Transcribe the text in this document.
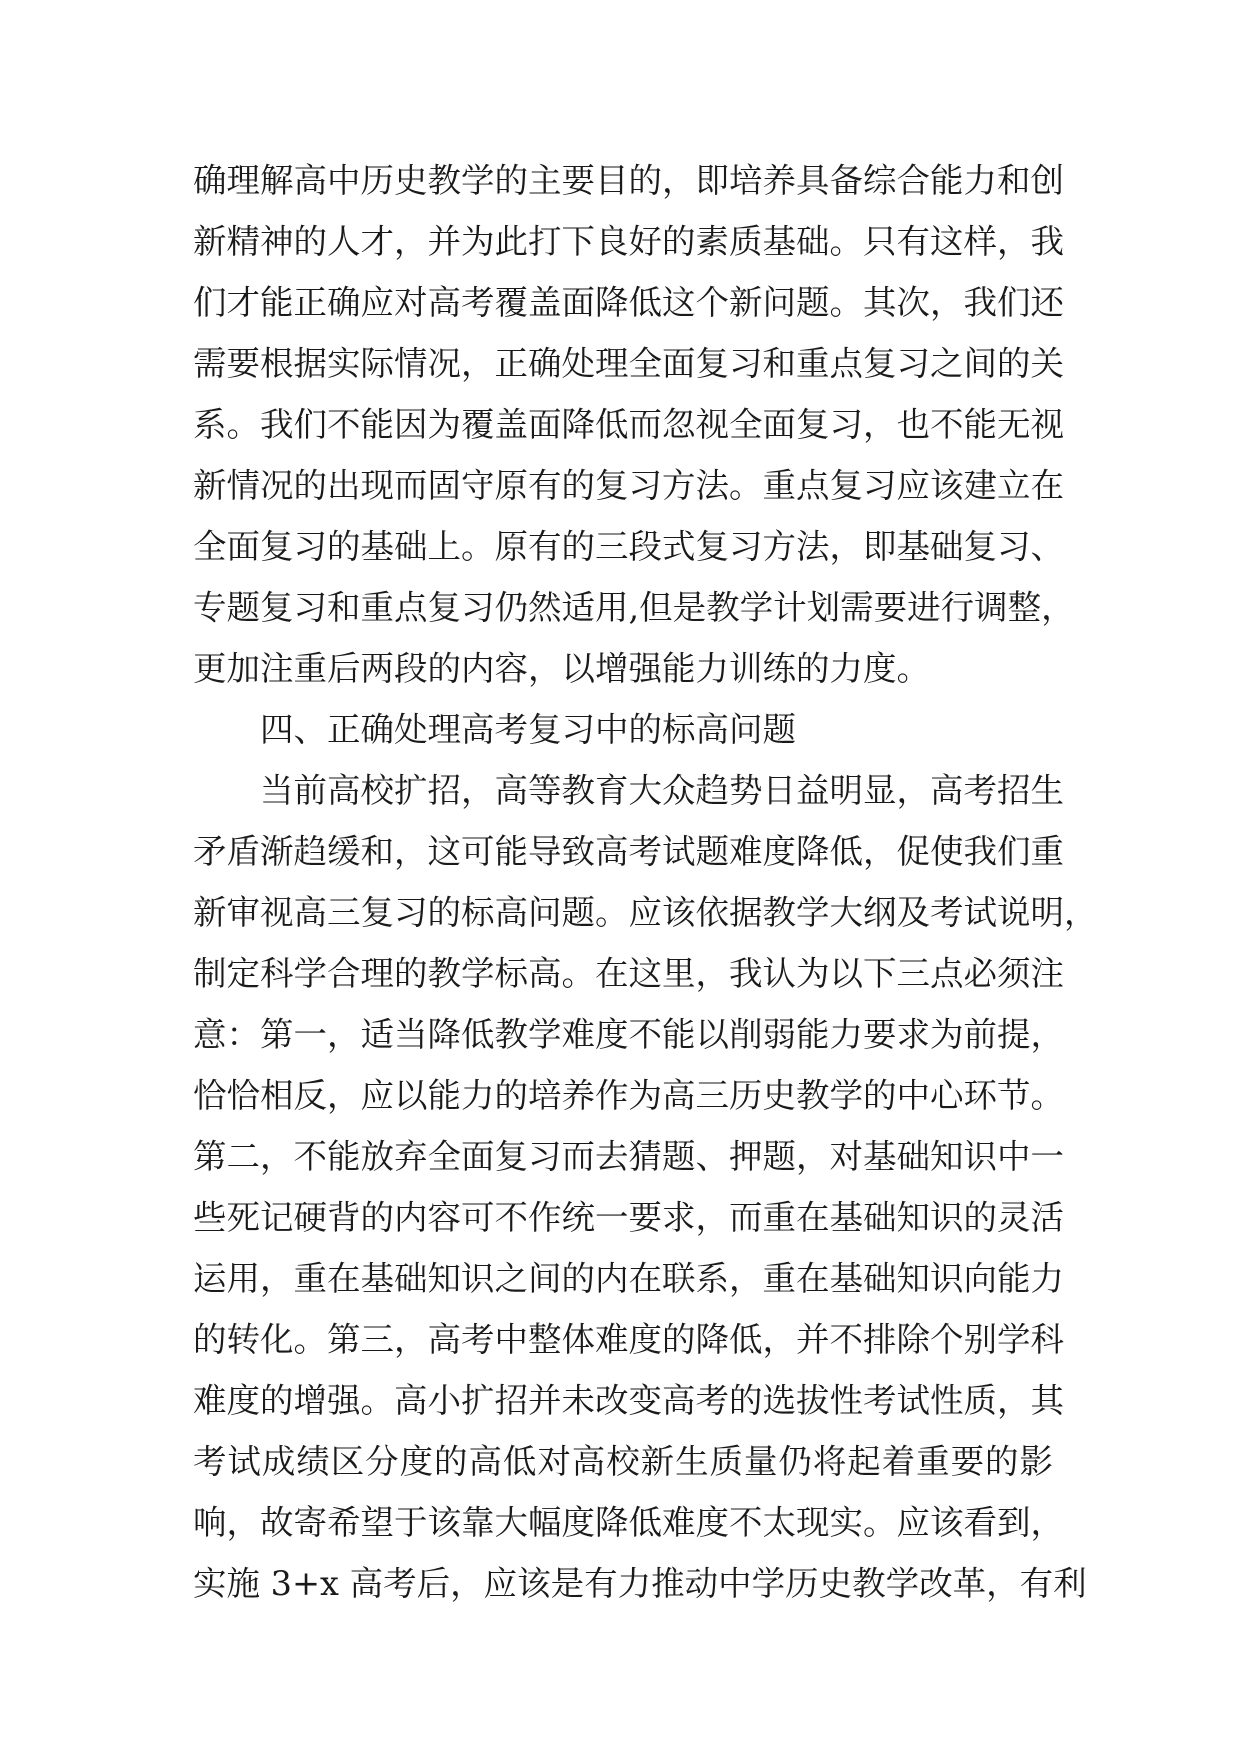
确理解高中历史教学的主要目的，即培养具备综合能力和创
新精神的人才，并为此打下良好的素质基础。只有这样，我
们才能正确应对高考覆盖面降低这个新问题。其次，我们还
需要根据实际情况，正确处理全面复习和重点复习之间的关
系。我们不能因为覆盖面降低而忽视全面复习，也不能无视
新情况的出现而固守原有的复习方法。重点复习应该建立在
全面复习的基础上。原有的三段式复习方法，即基础复习、
专题复习和重点复习仍然适用,但是教学计划需要进行调整，
更加注重后两段的内容，以增强能力训练的力度。
四、正确处理高考复习中的标高问题
当前高校扩招，高等教育大众趋势日益明显，高考招生
矛盾渐趋缓和，这可能导致高考试题难度降低，促使我们重
新审视高三复习的标高问题。应该依据教学大纲及考试说明，
制定科学合理的教学标高。在这里，我认为以下三点必须注
意：第一，适当降低教学难度不能以削弱能力要求为前提，
恰恰相反，应以能力的培养作为高三历史教学的中心环节。
第二，不能放弃全面复习而去猜题、押题，对基础知识中一
些死记硬背的内容可不作统一要求，而重在基础知识的灵活
运用，重在基础知识之间的内在联系，重在基础知识向能力
的转化。第三，高考中整体难度的降低，并不排除个别学科
难度的增强。高小扩招并未改变高考的选拔性考试性质，其
考试成绩区分度的高低对高校新生质量仍将起着重要的影
响，故寄希望于该靠大幅度降低难度不太现实。应该看到，
实施 3+x 高考后，应该是有力推动中学历史教学改革，有利
